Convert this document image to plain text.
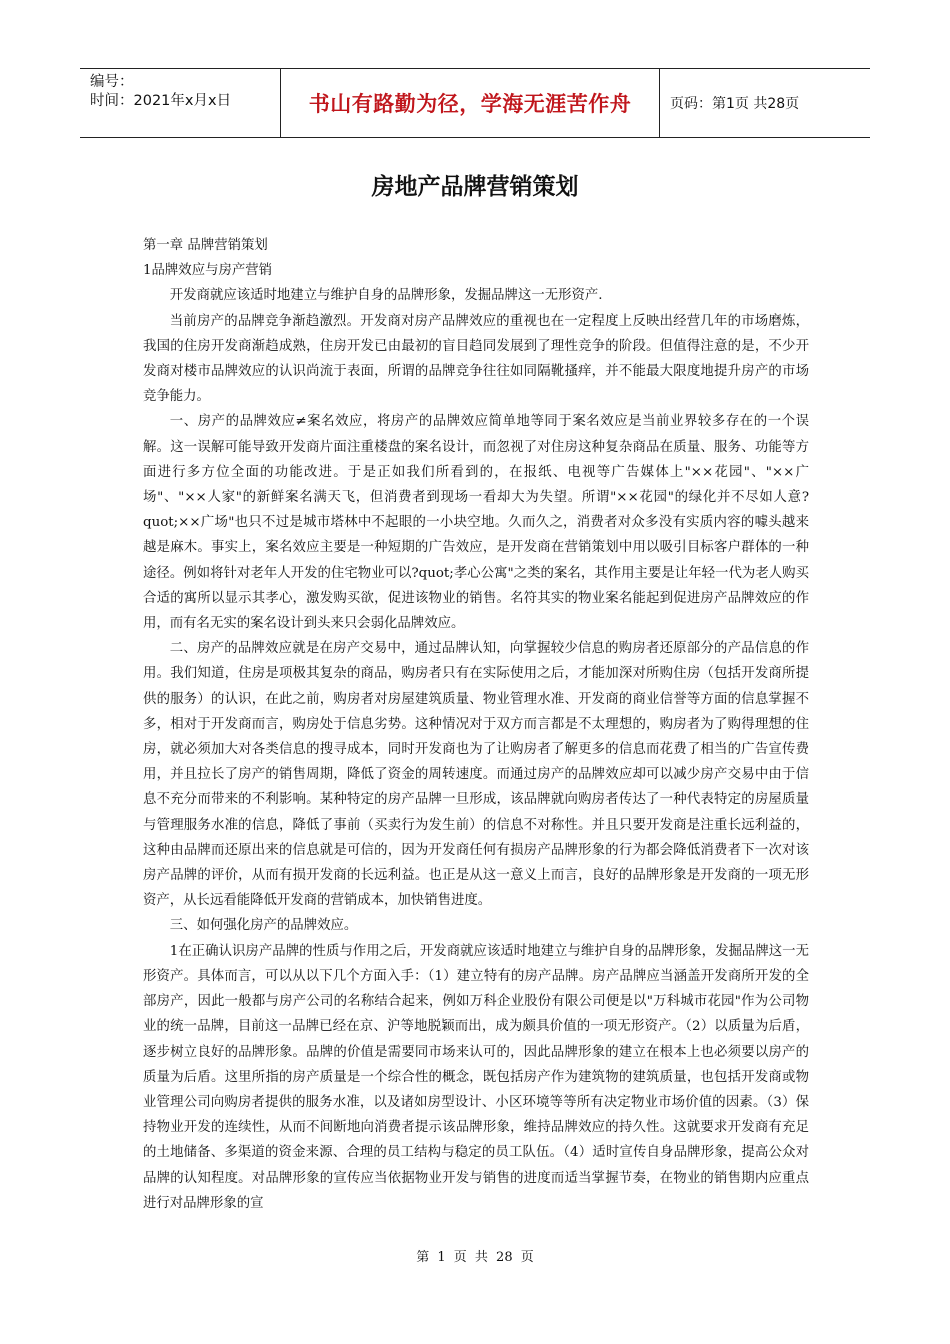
编号：
时间：2021年x月x日	书山有路勤为径，学海无涯苦作舟	页码：第1页 共28页
房地产品牌营销策划

第一章 品牌营销策划

1品牌效应与房产营销

开发商就应该适时地建立与维护自身的品牌形象，发掘品牌这一无形资产.

当前房产的品牌竞争渐趋激烈。开发商对房产品牌效应的重视也在一定程度上反映出经营几年的市场磨炼，我国的住房开发商渐趋成熟，住房开发已由最初的盲目趋同发展到了理性竞争的阶段。但值得注意的是，不少开发商对楼市品牌效应的认识尚流于表面，所谓的品牌竞争往往如同隔靴搔痒，并不能最大限度地提升房产的市场竞争能力。

一、房产的品牌效应≠案名效应，将房产的品牌效应简单地等同于案名效应是当前业界较多存在的一个误解。这一误解可能导致开发商片面注重楼盘的案名设计，而忽视了对住房这种复杂商品在质量、服务、功能等方面进行多方位全面的功能改进。于是正如我们所看到的，在报纸、电视等广告媒体上"××花园"、"××广场"、"××人家"的新鲜案名满天飞，但消费者到现场一看却大为失望。所谓"××花园"的绿化并不尽如人意?quot;××广场"也只不过是城市塔林中不起眼的一小块空地。久而久之，消费者对众多没有实质内容的噱头越来越是麻木。事实上，案名效应主要是一种短期的广告效应，是开发商在营销策划中用以吸引目标客户群体的一种途径。例如将针对老年人开发的住宅物业可以?quot;孝心公寓"之类的案名，其作用主要是让年轻一代为老人购买合适的寓所以显示其孝心，激发购买欲，促进该物业的销售。名符其实的物业案名能起到促进房产品牌效应的作用，而有名无实的案名设计到头来只会弱化品牌效应。

二、房产的品牌效应就是在房产交易中，通过品牌认知，向掌握较少信息的购房者还原部分的产品信息的作用。我们知道，住房是项极其复杂的商品，购房者只有在实际使用之后，才能加深对所购住房（包括开发商所提供的服务）的认识，在此之前，购房者对房屋建筑质量、物业管理水准、开发商的商业信誉等方面的信息掌握不多，相对于开发商而言，购房处于信息劣势。这种情况对于双方而言都是不太理想的，购房者为了购得理想的住房，就必须加大对各类信息的搜寻成本，同时开发商也为了让购房者了解更多的信息而花费了相当的广告宣传费用，并且拉长了房产的销售周期，降低了资金的周转速度。而通过房产的品牌效应却可以减少房产交易中由于信息不充分而带来的不利影响。某种特定的房产品牌一旦形成，该品牌就向购房者传达了一种代表特定的房屋质量与管理服务水准的信息，降低了事前（买卖行为发生前）的信息不对称性。并且只要开发商是注重长远利益的，这种由品牌而还原出来的信息就是可信的，因为开发商任何有损房产品牌形象的行为都会降低消费者下一次对该房产品牌的评价，从而有损开发商的长远利益。也正是从这一意义上而言，良好的品牌形象是开发商的一项无形资产，从长远看能降低开发商的营销成本，加快销售进度。

三、如何强化房产的品牌效应。

1在正确认识房产品牌的性质与作用之后，开发商就应该适时地建立与维护自身的品牌形象，发掘品牌这一无形资产。具体而言，可以从以下几个方面入手：（1）建立特有的房产品牌。房产品牌应当涵盖开发商所开发的全部房产，因此一般都与房产公司的名称结合起来，例如万科企业股份有限公司便是以"万科城市花园"作为公司物业的统一品牌，目前这一品牌已经在京、沪等地脱颖而出，成为颇具价值的一项无形资产。（2）以质量为后盾，逐步树立良好的品牌形象。品牌的价值是需要同市场来认可的，因此品牌形象的建立在根本上也必须要以房产的质量为后盾。这里所指的房产质量是一个综合性的概念，既包括房产作为建筑物的建筑质量，也包括开发商或物业管理公司向购房者提供的服务水准，以及诸如房型设计、小区环境等等所有决定物业市场价值的因素。（3）保持物业开发的连续性，从而不间断地向消费者提示该品牌形象，维持品牌效应的持久性。这就要求开发商有充足的土地储备、多渠道的资金来源、合理的员工结构与稳定的员工队伍。（4）适时宣传自身品牌形象，提高公众对品牌的认知程度。对品牌形象的宣传应当依据物业开发与销售的进度而适当掌握节奏，在物业的销售期内应重点进行对品牌形象的宣

第 1 页 共 28 页
